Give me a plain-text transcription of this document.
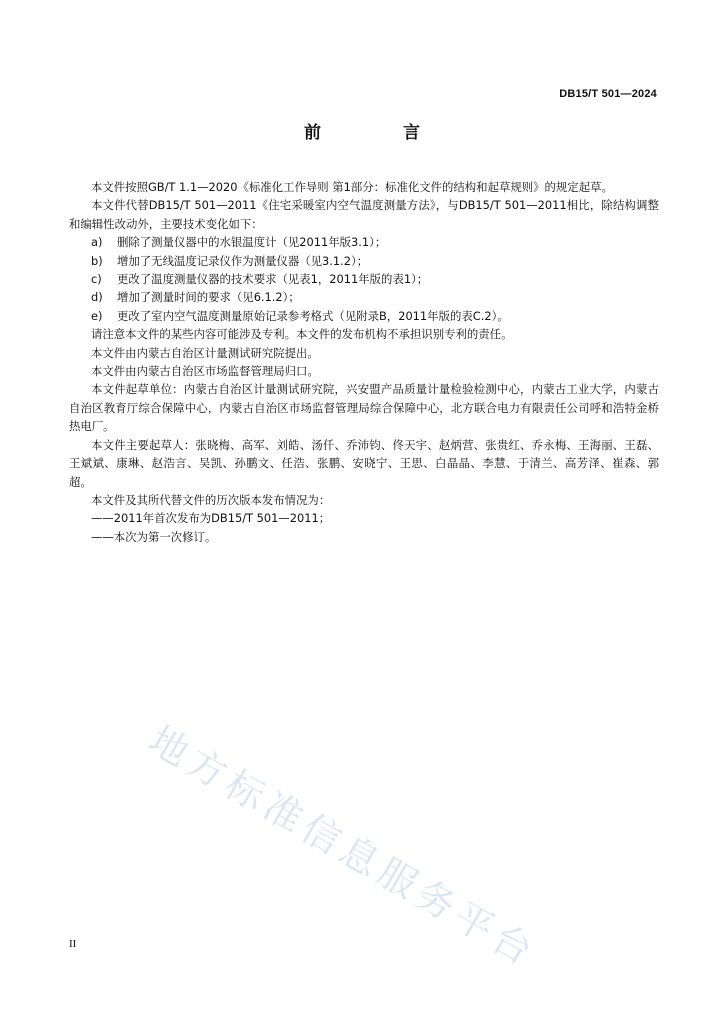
DB15/T 501—2024
前 言

本文件按照GB/T 1.1—2020《标准化工作导则 第1部分：标准化文件的结构和起草规则》的规定起草。

本文件代替DB15/T 501—2011《住宅采暖室内空气温度测量方法》，与DB15/T 501—2011相比，除结构调整和编辑性改动外，主要技术变化如下：

a)	删除了测量仪器中的水银温度计（见2011年版3.1）；
b)	增加了无线温度记录仪作为测量仪器（见3.1.2）；
c)	更改了温度测量仪器的技术要求（见表1，2011年版的表1）；
d)	增加了测量时间的要求（见6.1.2）；
e)	更改了室内空气温度测量原始记录参考格式（见附录B，2011年版的表C.2）。

请注意本文件的某些内容可能涉及专利。本文件的发布机构不承担识别专利的责任。

本文件由内蒙古自治区计量测试研究院提出。

本文件由内蒙古自治区市场监督管理局归口。

本文件起草单位：内蒙古自治区计量测试研究院，兴安盟产品质量计量检验检测中心，内蒙古工业大学，内蒙古自治区教育厅综合保障中心，内蒙古自治区市场监督管理局综合保障中心，北方联合电力有限责任公司呼和浩特金桥热电厂。

本文件主要起草人：张晓梅、高军、刘皓、汤仟、乔沛钧、佟天宇、赵炳营、张贵红、乔永梅、王海丽、王磊、王斌斌、康琳、赵浩言、吴凯、孙鹏文、任浩、张鹏、安晓宁、王思、白晶晶、李慧、于清兰、高芳泽、崔森、郭超。

本文件及其所代替文件的历次版本发布情况为：

——2011年首次发布为DB15/T 501—2011；

——本次为第一次修订。

地方标准信息服务平台
II
